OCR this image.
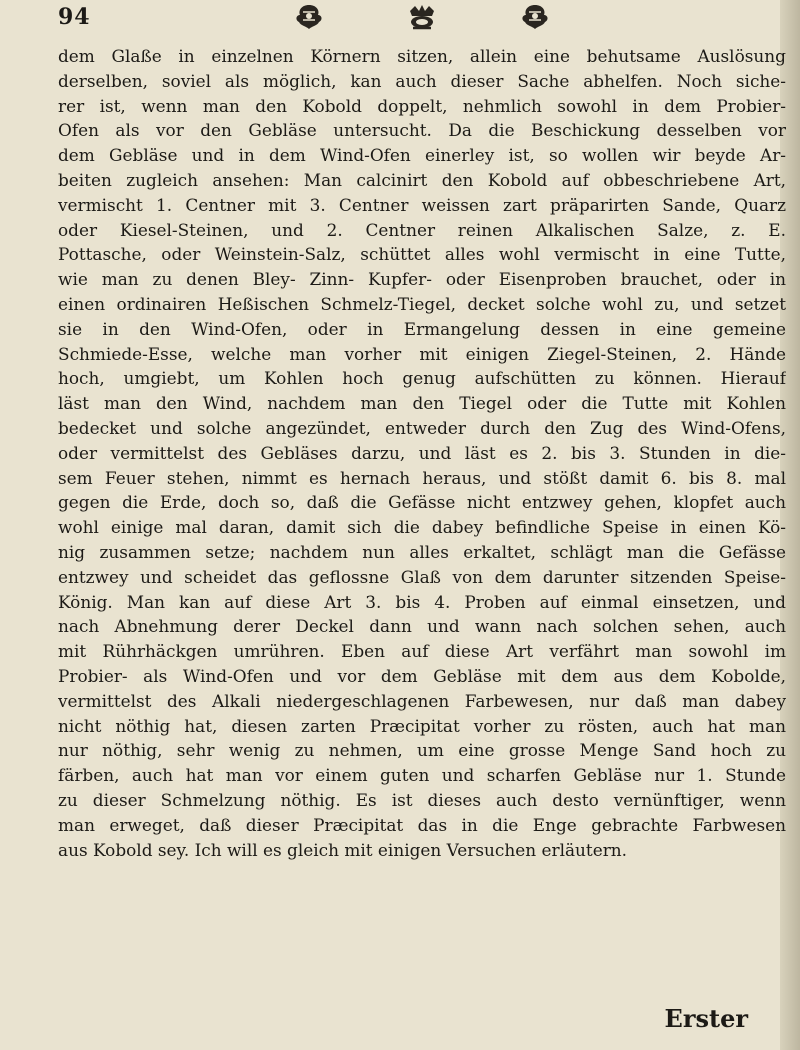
94
dem Glaße in einzelnen Körnern sitzen, allein eine behutsame Auslösung
derselben, soviel als möglich, kan auch dieser Sache abhelfen. Noch siche-
rer ist, wenn man den Kobold doppelt, nehmlich sowohl in dem Probier-
Ofen als vor den Gebläse untersucht. Da die Beschickung desselben vor
dem Gebläse und in dem Wind-Ofen einerley ist, so wollen wir beyde Ar-
beiten zugleich ansehen: Man calcinirt den Kobold auf obbeschriebene Art,
vermischt 1. Centner mit 3. Centner weissen zart präparirten Sande, Quarz
oder Kiesel-Steinen, und 2. Centner reinen Alkalischen Salze, z. E.
Pottasche, oder Weinstein-Salz, schüttet alles wohl vermischt in eine Tutte,
wie man zu denen Bley- Zinn- Kupfer- oder Eisenproben brauchet, oder in
einen ordinairen Heßischen Schmelz-Tiegel, decket solche wohl zu, und setzet
sie in den Wind-Ofen, oder in Ermangelung dessen in eine gemeine
Schmiede-Esse, welche man vorher mit einigen Ziegel-Steinen, 2. Hände
hoch, umgiebt, um Kohlen hoch genug aufschütten zu können. Hierauf
läst man den Wind, nachdem man den Tiegel oder die Tutte mit Kohlen
bedecket und solche angezündet, entweder durch den Zug des Wind-Ofens,
oder vermittelst des Gebläses darzu, und läst es 2. bis 3. Stunden in die-
sem Feuer stehen, nimmt es hernach heraus, und stößt damit 6. bis 8. mal
gegen die Erde, doch so, daß die Gefässe nicht entzwey gehen, klopfet auch
wohl einige mal daran, damit sich die dabey befindliche Speise in einen Kö-
nig zusammen setze; nachdem nun alles erkaltet, schlägt man die Gefässe
entzwey und scheidet das geflossne Glaß von dem darunter sitzenden Speise-
König. Man kan auf diese Art 3. bis 4. Proben auf einmal einsetzen, und
nach Abnehmung derer Deckel dann und wann nach solchen sehen, auch
mit Rührhäckgen umrühren. Eben auf diese Art verfährt man sowohl im
Probier- als Wind-Ofen und vor dem Gebläse mit dem aus dem Kobolde,
vermittelst des Alkali niedergeschlagenen Farbewesen, nur daß man dabey
nicht nöthig hat, diesen zarten Præcipitat vorher zu rösten, auch hat man
nur nöthig, sehr wenig zu nehmen, um eine grosse Menge Sand hoch zu
färben, auch hat man vor einem guten und scharfen Gebläse nur 1. Stunde
zu dieser Schmelzung nöthig. Es ist dieses auch desto vernünftiger, wenn
man erweget, daß dieser Præcipitat das in die Enge gebrachte Farbwesen
aus Kobold sey. Ich will es gleich mit einigen Versuchen erläutern.
Erster
